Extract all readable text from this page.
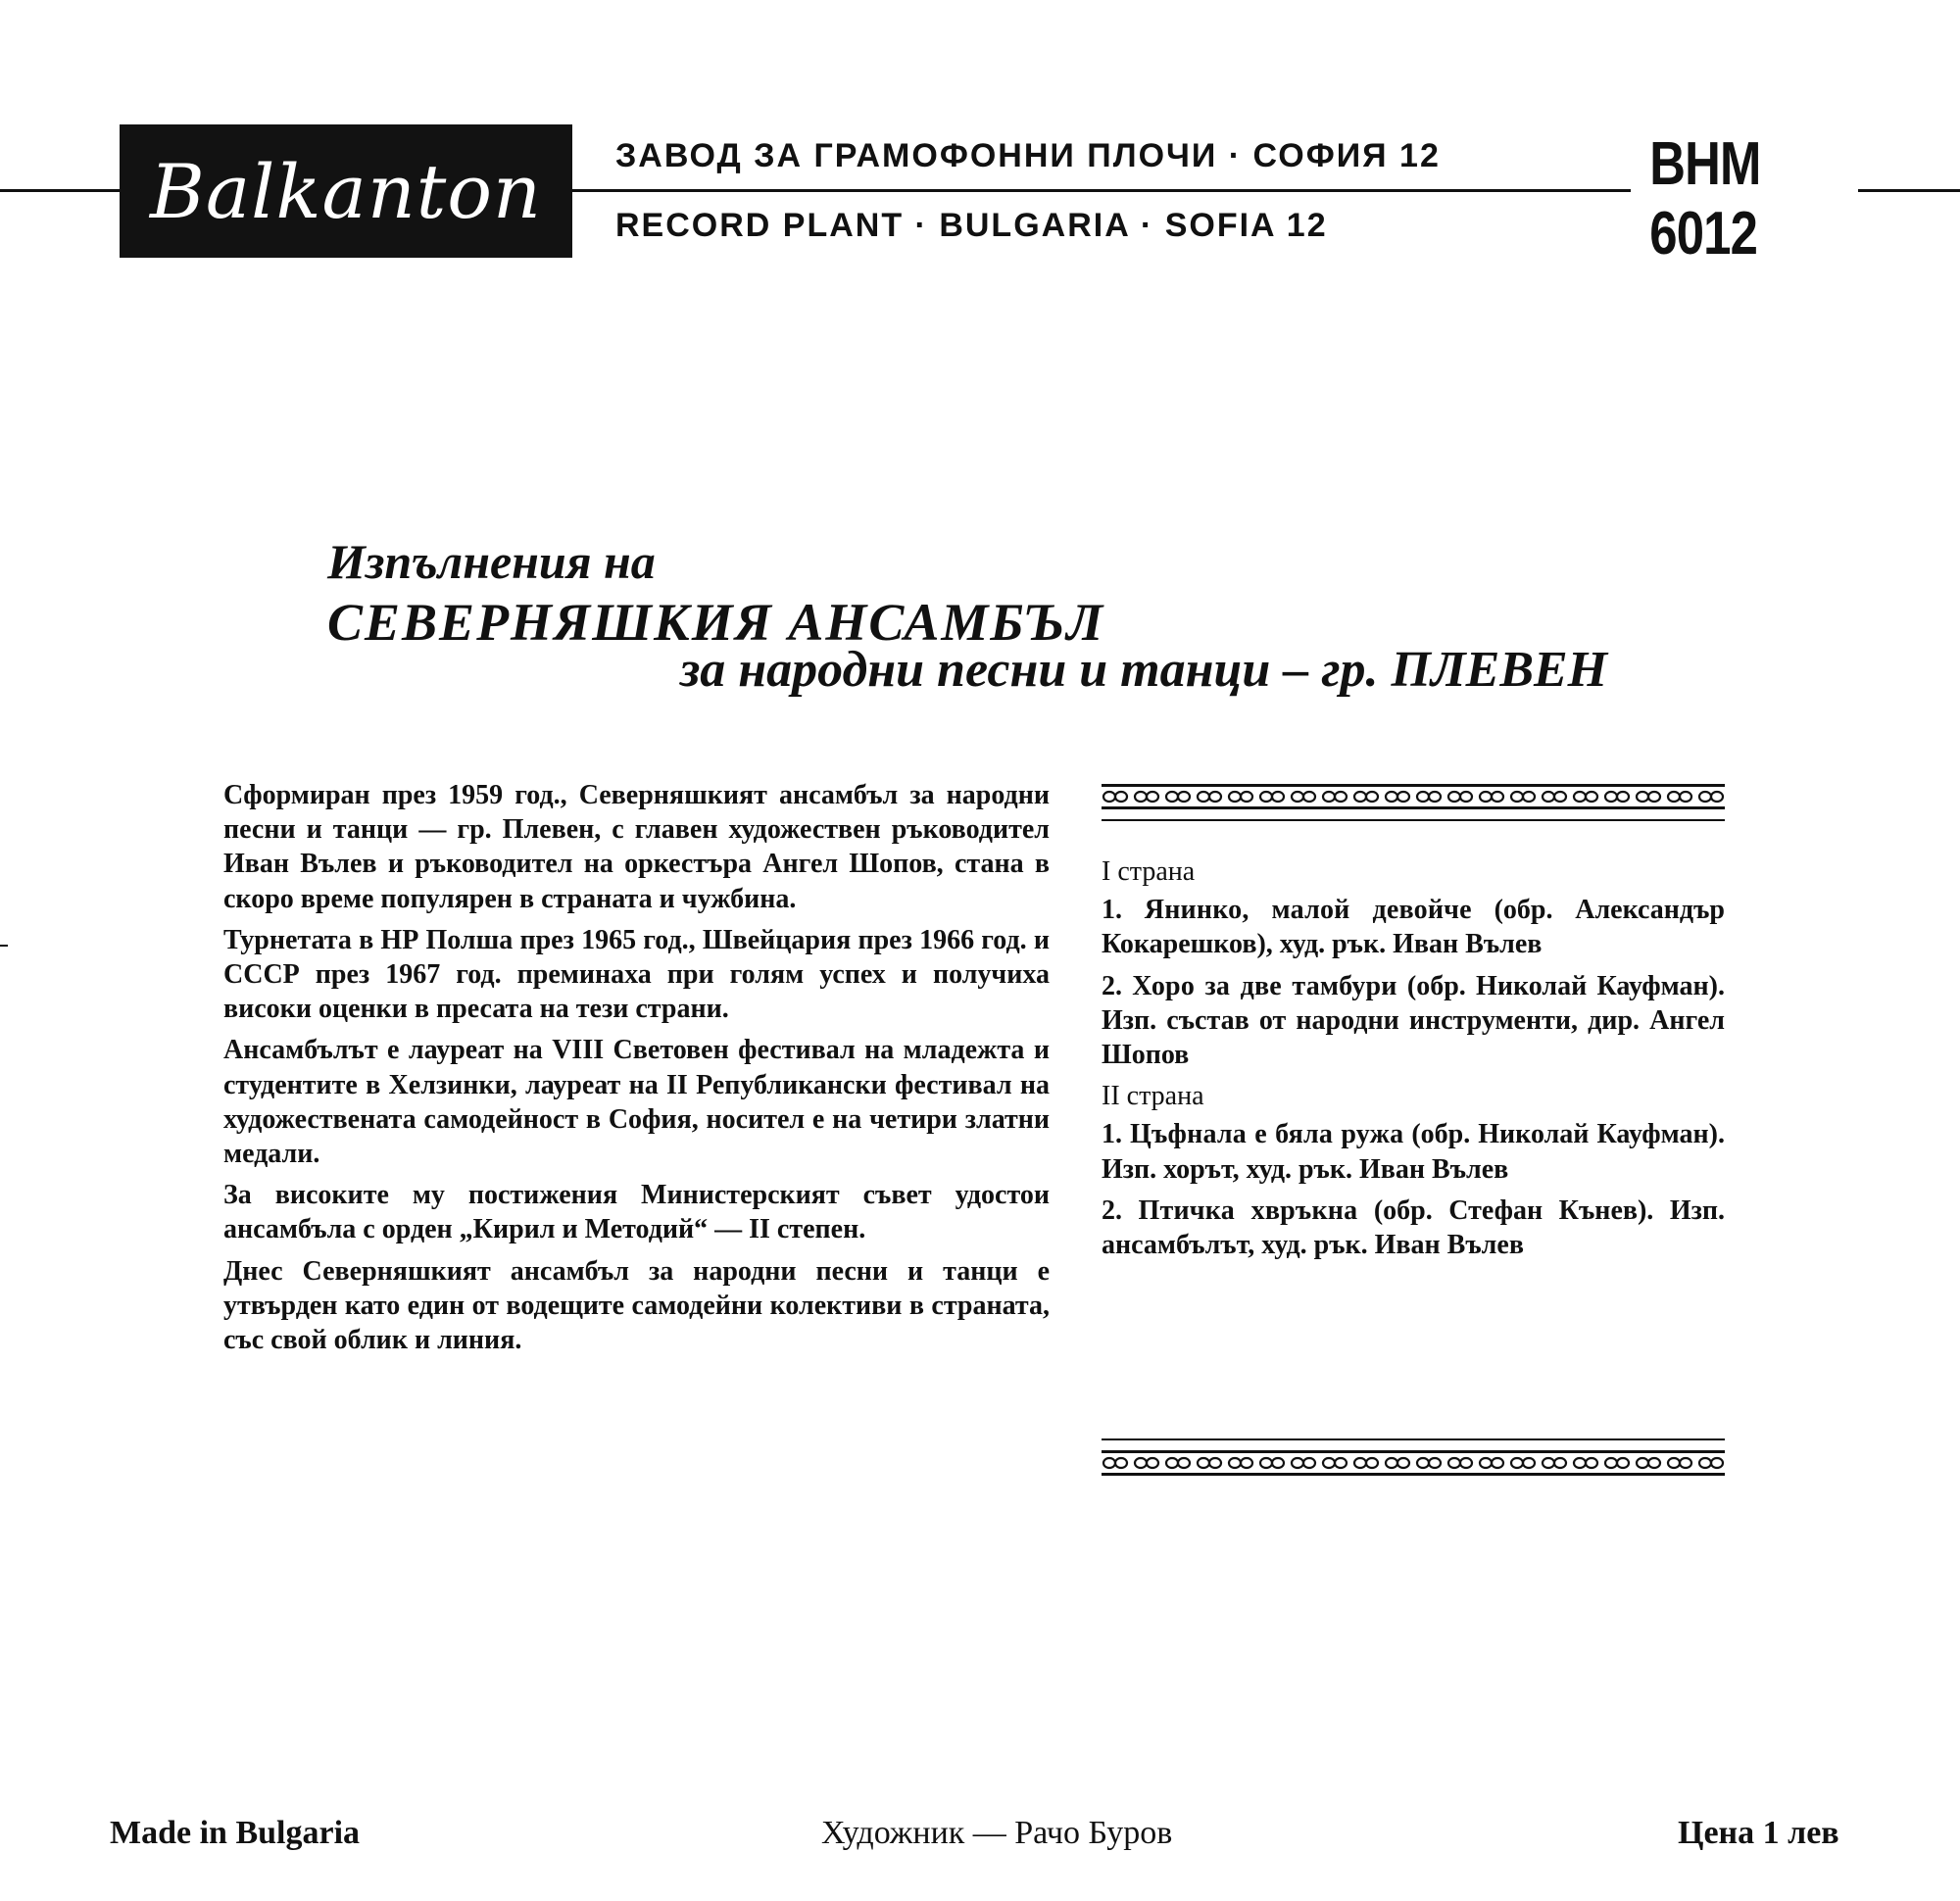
Balkanton ЗАВОД ЗА ГРАМОФОННИ ПЛОЧИ · СОФИЯ 12
RECORD PLANT · BULGARIA · SOFIA 12
ВНМ 6012
Изпълнения на
СЕВЕРНЯШКИЯ АНСАМБЪЛ
за народни песни и танци – гр. ПЛЕВЕН

Сформиран през 1959 год., Северняшкият ансамбъл за народни песни и танци — гр. Плевен, с главен художествен ръководител Иван Вълев и ръководител на оркестъра Ангел Шопов, стана в скоро време популярен в страната и чужбина.

Турнетата в НР Полша през 1965 год., Швейцария през 1966 год. и СССР през 1967 год. преминаха при голям успех и получиха високи оценки в пресата на тези страни.

Ансамбълът е лауреат на VIII Световен фестивал на младежта и студентите в Хелзинки, лауреат на II Републикански фестивал на художествената самодейност в София, носител е на четири златни медали.

За високите му постижения Министерският съвет удостои ансамбъла с орден „Кирил и Методий“ — II степен.

Днес Северняшкият ансамбъл за народни песни и танци е утвърден като един от водещите самодейни колективи в страната, със свой облик и линия.

I страна
1. Янинко, малой девойче (обр. Александър Кокарешков), худ. рък. Иван Вълев
2. Хоро за две тамбури (обр. Николай Кауфман). Изп. състав от народни инструменти, дир. Ангел Шопов
II страна
1. Цъфнала е бяла ружа (обр. Николай Кауфман). Изп. хорът, худ. рък. Иван Вълев
2. Птичка хвръкна (обр. Стефан Кънев). Изп. ансамбълът, худ. рък. Иван Вълев
Made in Bulgaria	Художник — Рачо Буров	Цена 1 лев
